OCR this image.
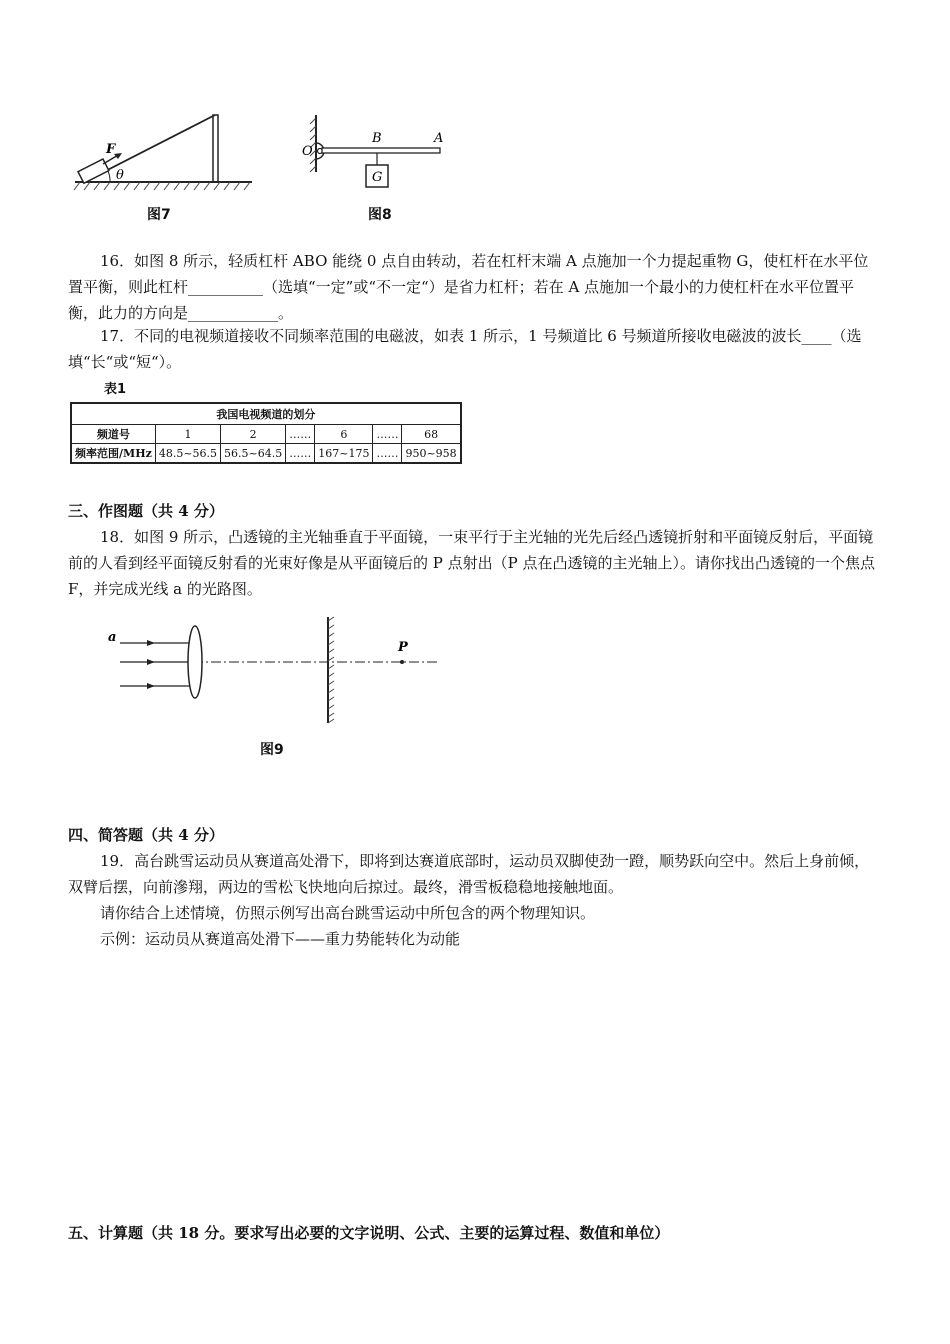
F
θ
图7
O
B	A
G
图8
16．如图 8 所示，轻质杠杆 ABO 能绕 0 点自由转动，若在杠杆末端 A 点施加一个力提起重物 G，使杠杆在水平位置平衡，则此杠杆__________（选填“一定”或“不一定“）是省力杠杆；若在 A 点施加一个最小的力使杠杆在水平位置平衡，此力的方向是____________。
17．不同的电视频道接收不同频率范围的电磁波，如表 1 所示，1 号频道比 6 号频道所接收电磁波的波长____（选填“长“或“短“）。
表1
我国电视频道的划分						
频道号	1	2	……	6	……	68
频率范围/MHz	48.5~56.5	56.5~64.5	……	167~175	……	950~958
三、作图题（共 4 分）
18．如图 9 所示，凸透镜的主光轴垂直于平面镜，一束平行于主光轴的光先后经凸透镜折射和平面镜反射后，平面镜前的人看到经平面镜反射看的光束好像是从平面镜后的 P 点射出（P 点在凸透镜的主光轴上）。请你找出凸透镜的一个焦点 F，并完成光线 a 的光路图。
a
P
图9
四、简答题（共 4 分）
19．高台跳雪运动员从赛道高处滑下，即将到达赛道底部时，运动员双脚使劲一蹬，顺势跃向空中。然后上身前倾，双臂后摆，向前滲翔，两边的雪松飞快地向后掠过。最终，滑雪板稳稳地接触地面。
请你结合上述情境，仿照示例写出高台跳雪运动中所包含的两个物理知识。
示例：运动员从赛道高处滑下——重力势能转化为动能
五、计算题（共 18 分。要求写出必要的文字说明、公式、主要的运算过程、数值和单位）
